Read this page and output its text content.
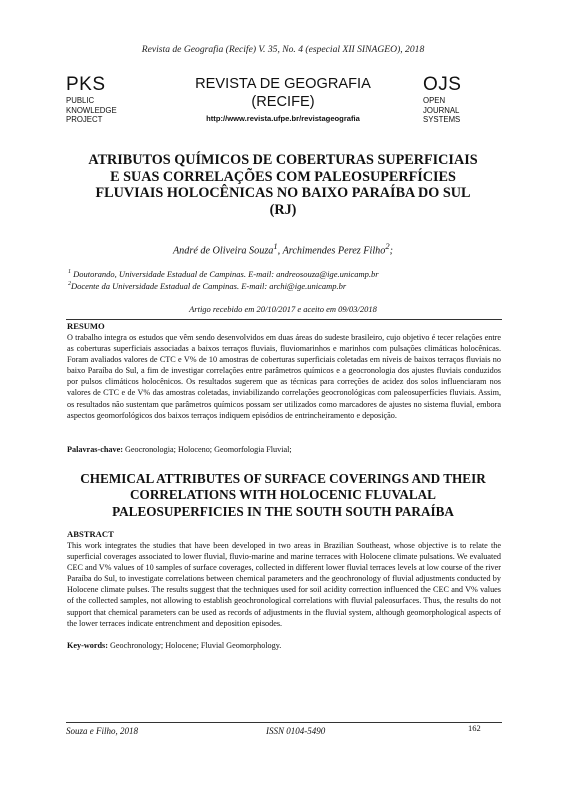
Revista de Geografia (Recife) V. 35, No. 4 (especial XII SINAGEO), 2018
PKS
PUBLIC
KNOWLEDGE
PROJECT
REVISTA DE GEOGRAFIA
(RECIFE)
http://www.revista.ufpe.br/revistageografia
OJS
OPEN
JOURNAL
SYSTEMS
ATRIBUTOS QUÍMICOS DE COBERTURAS SUPERFICIAIS
E SUAS CORRELAÇÕES COM PALEOSUPERFÍCIES
FLUVIAIS HOLOCÊNICAS NO BAIXO PARAÍBA DO SUL
(RJ)
André de Oliveira Souza$^1$, Archimendes Perez Filho$^2$;
$^1$ Doutorando, Universidade Estadual de Campinas. E-mail: andreosouza@ige.unicamp.br
$^2$Docente da Universidade Estadual de Campinas. E-mail: archi@ige.unicamp.br
Artigo recebido em 20/10/2017 e aceito em 09/03/2018
RESUMO
O trabalho integra os estudos que vêm sendo desenvolvidos em duas áreas do sudeste brasileiro, cujo objetivo é tecer relações entre as coberturas superficiais associadas a baixos terraços fluviais, fluviomarinhos e marinhos com pulsações climáticas holocênicas. Foram avaliados valores de CTC e V% de 10 amostras de coberturas superficiais coletadas em níveis de baixos terraços fluviais no baixo Paraíba do Sul, a fim de investigar correlações entre parâmetros químicos e a geocronologia dos ajustes fluviais conduzidos por pulsos climáticos holocênicos. Os resultados sugerem que as técnicas para correções de acidez dos solos influenciaram nos valores de CTC e de V% das amostras coletadas, inviabilizando correlações geocronológicas com paleosuperfícies fluviais. Assim, os resultados não sustentam que parâmetros químicos possam ser utilizados como marcadores de ajustes no sistema fluvial, embora aspectos geomorfológicos dos baixos terraços indiquem episódios de entrincheiramento e deposição.
Palavras-chave: Geocronologia; Holoceno; Geomorfologia Fluvial;
CHEMICAL ATTRIBUTES OF SURFACE COVERINGS AND THEIR
CORRELATIONS WITH HOLOCENIC FLUVALAL
PALEOSUPERFICIES IN THE SOUTH SOUTH PARAÍBA
ABSTRACT
This work integrates the studies that have been developed in two areas in Brazilian Southeast, whose objective is to relate the superficial coverages associated to lower fluvial, fluvio-marine and marine terraces with Holocene climate pulsations. We evaluated CEC and V% values of 10 samples of surface coverages, collected in different lower fluvial terraces levels at low course of the river Paraíba do Sul, to investigate correlations between chemical parameters and the geochronology of fluvial adjustments conducted by Holocene climate pulses. The results suggest that the techniques used for soil acidity correction influenced the CEC and V% values of the collected samples, not allowing to establish geochronological correlations with fluvial paleosurfaces. Thus, the results do not support that chemical parameters can be used as records of adjustments in the fluvial system, although geomorphological aspects of the lower terraces indicate entrenchment and deposition episodes.
Key-words: Geochronology; Holocene; Fluvial Geomorphology.
Souza e Filho, 2018	ISSN 0104-5490	162
